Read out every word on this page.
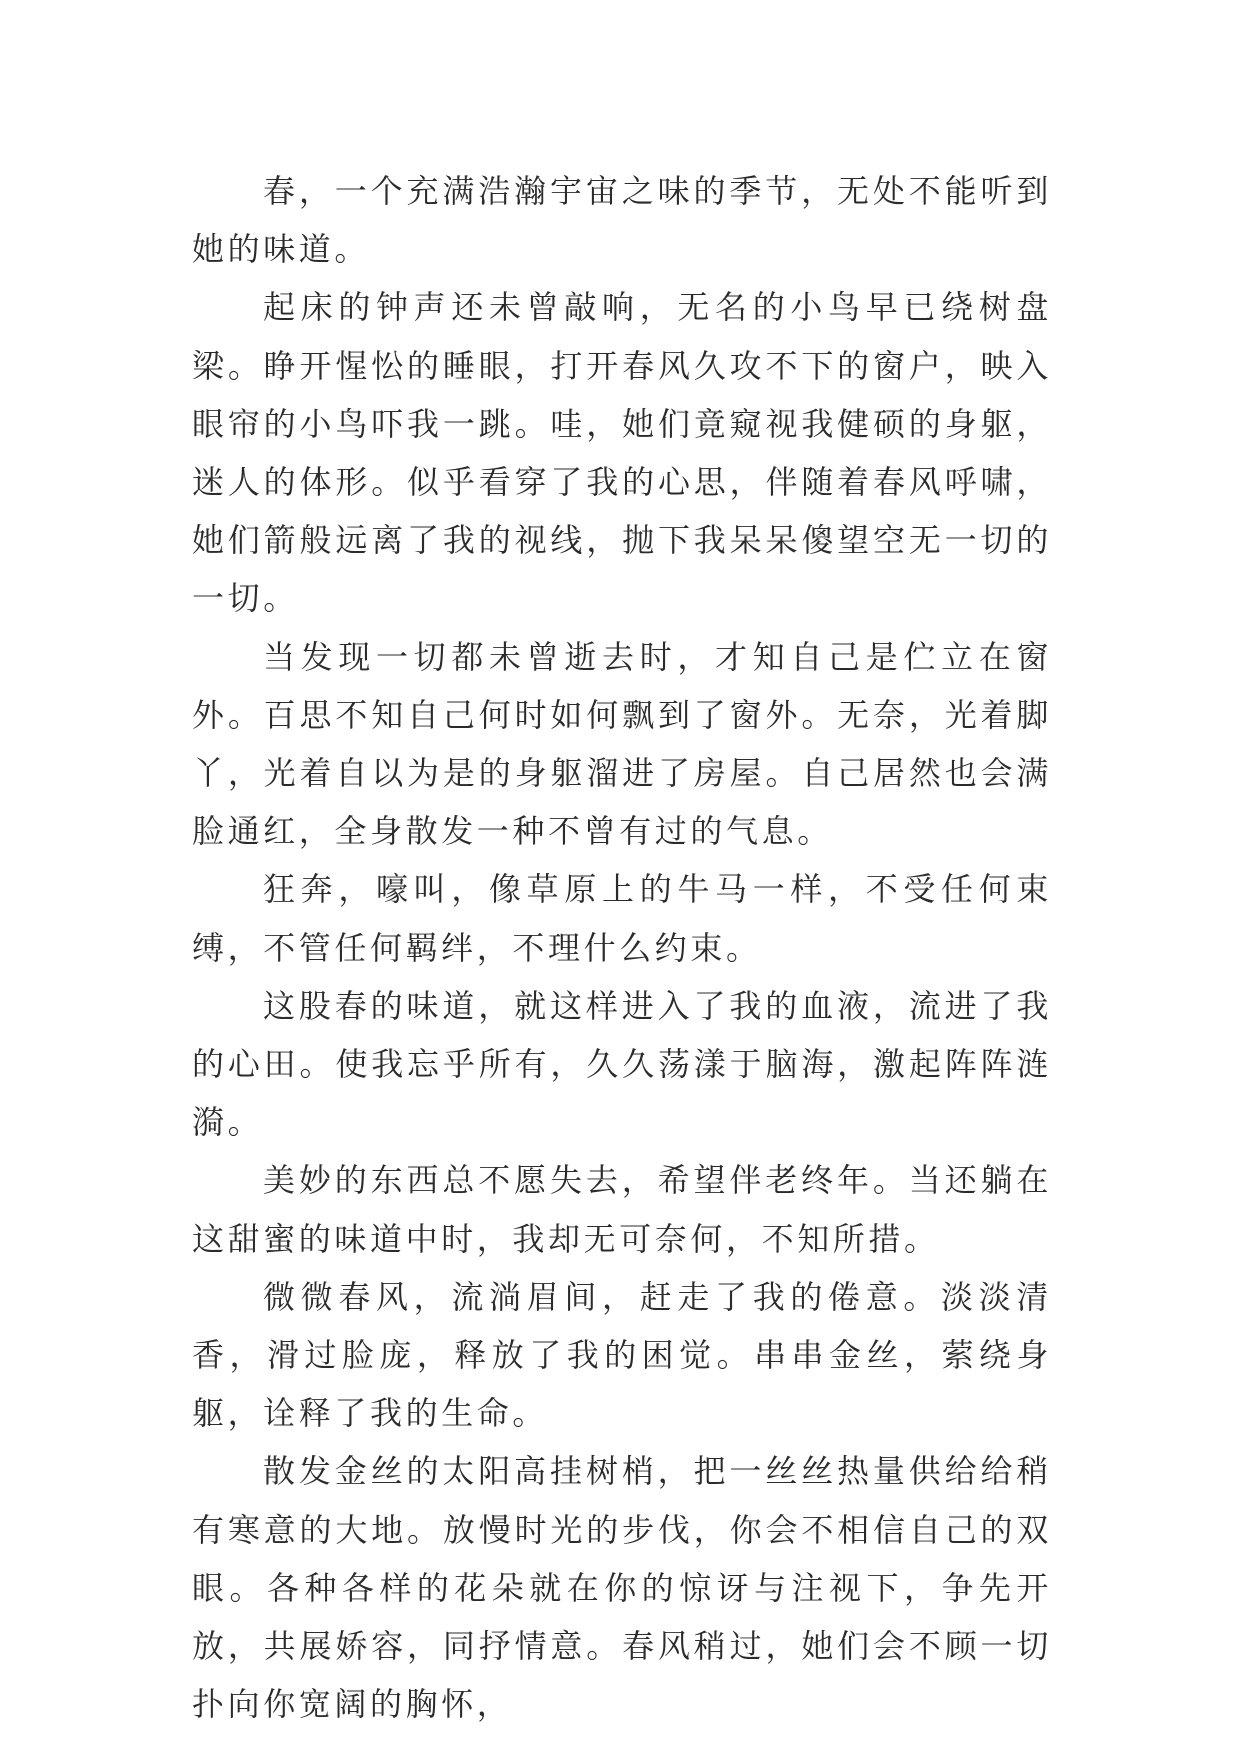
春，一个充满浩瀚宇宙之味的季节，无处不能听到她的味道。

起床的钟声还未曾敲响，无名的小鸟早已绕树盘梁。睁开惺忪的睡眼，打开春风久攻不下的窗户，映入眼帘的小鸟吓我一跳。哇，她们竟窥视我健硕的身躯，迷人的体形。似乎看穿了我的心思，伴随着春风呼啸，她们箭般远离了我的视线，抛下我呆呆傻望空无一切的一切。

当发现一切都未曾逝去时，才知自己是伫立在窗外。百思不知自己何时如何飘到了窗外。无奈，光着脚丫，光着自以为是的身躯溜进了房屋。自己居然也会满脸通红，全身散发一种不曾有过的气息。

狂奔，嚎叫，像草原上的牛马一样，不受任何束缚，不管任何羁绊，不理什么约束。

这股春的味道，就这样进入了我的血液，流进了我的心田。使我忘乎所有，久久荡漾于脑海，激起阵阵涟漪。

美妙的东西总不愿失去，希望伴老终年。当还躺在这甜蜜的味道中时，我却无可奈何，不知所措。

微微春风，流淌眉间，赶走了我的倦意。淡淡清香，滑过脸庞，释放了我的困觉。串串金丝，萦绕身躯，诠释了我的生命。

散发金丝的太阳高挂树梢，把一丝丝热量供给给稍有寒意的大地。放慢时光的步伐，你会不相信自己的双眼。各种各样的花朵就在你的惊讶与注视下，争先开放，共展娇容，同抒情意。春风稍过，她们会不顾一切扑向你宽阔的胸怀，
